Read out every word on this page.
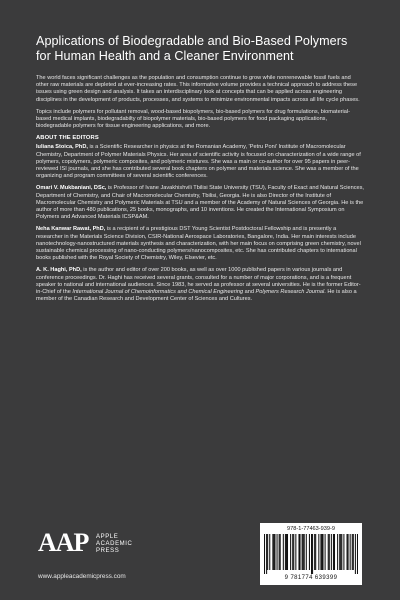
Applications of Biodegradable and Bio-Based Polymers for Human Health and a Cleaner Environment

The world faces significant challenges as the population and consumption continue to grow while nonrenewable fossil fuels and other raw materials are depleted at ever-increasing rates. This informative volume provides a technical approach to address these issues using green design and analysis. It takes an interdisciplinary look at concepts that can be applied across engineering disciplines in the development of products, processes, and systems to minimize environmental impacts across all life cycle phases.

Topics include polymers for pollutant removal, wood-based biopolymers, bio-based polymers for drug formulations, biomaterial-based medical implants, biodegradabilty of biopolymer materials, bio-based polymers for food packaging applications, biodegradable polymers for tissue engineering applications, and more.

ABOUT THE EDITORS

Iuliana Stoica, PhD, is a Scientific Researcher in physics at the Romanian Academy, ‘Petru Poni’ Institute of Macromolecular Chemistry, Department of Polymer Materials Physics. Her area of scientific activity is focused on characterization of a wide range of polymers, copolymers, polymeric composites, and polymeric mixtures. She was a main or co-author for over 95 papers in peer-reviewed ISI journals, and she has contributed several book chapters on polymer and materials science. She was a member of the organizing and program committees of several scientific conferences.

Omari V. Mukbaniani, DSc, is Professor of Ivane Javakhishvili Tbilisi State University (TSU), Faculty of Exact and Natural Sciences, Department of Chemistry, and Chair of Macromolecular Chemistry, Tbilisi, Georgia. He is also Director of the Institute of Macromolecular Chemistry and Polymeric Materials at TSU and a member of the Academy of Natural Sciences of Georgia. He is the author of more than 480 publications, 25 books, monographs, and 10 inventions. He created the International Symposium on Polymers and Advanced Materials ICSP&AM.

Neha Kanwar Rawat, PhD, is a recipient of a prestigious DST Young Scientist Postdoctoral Fellowship and is presently a researcher in the Materials Science Division, CSIR-National Aerospace Laboratories, Bangalore, India. Her main interests include nanotechnology-nanostructured materials synthesis and characterization, with her main focus on comprising green chemistry, novel sustainable chemical processing of nano-conducting polymers/nanocomposites, etc. She has contributed chapters to international books published with the Royal Society of Chemistry, Wiley, Elsevier, etc.

A. K. Haghi, PhD, is the author and editor of over 200 books, as well as over 1000 published papers in various journals and conference proceedings. Dr. Haghi has received several grants, consulted for a number of major corporations, and is a frequent speaker to national and international audiences. Since 1983, he served as professor at several universities. He is the former Editor-in-Chief of the International Journal of Chemoinformatics and Chemical Engineering and Polymers Research Journal. He is also a member of the Canadian Research and Development Center of Sciences and Cultures.

AAP APPLE
ACADEMIC
PRESS
www.appleacademicpress.com
978-1-77463-939-9
9 781774 639399
